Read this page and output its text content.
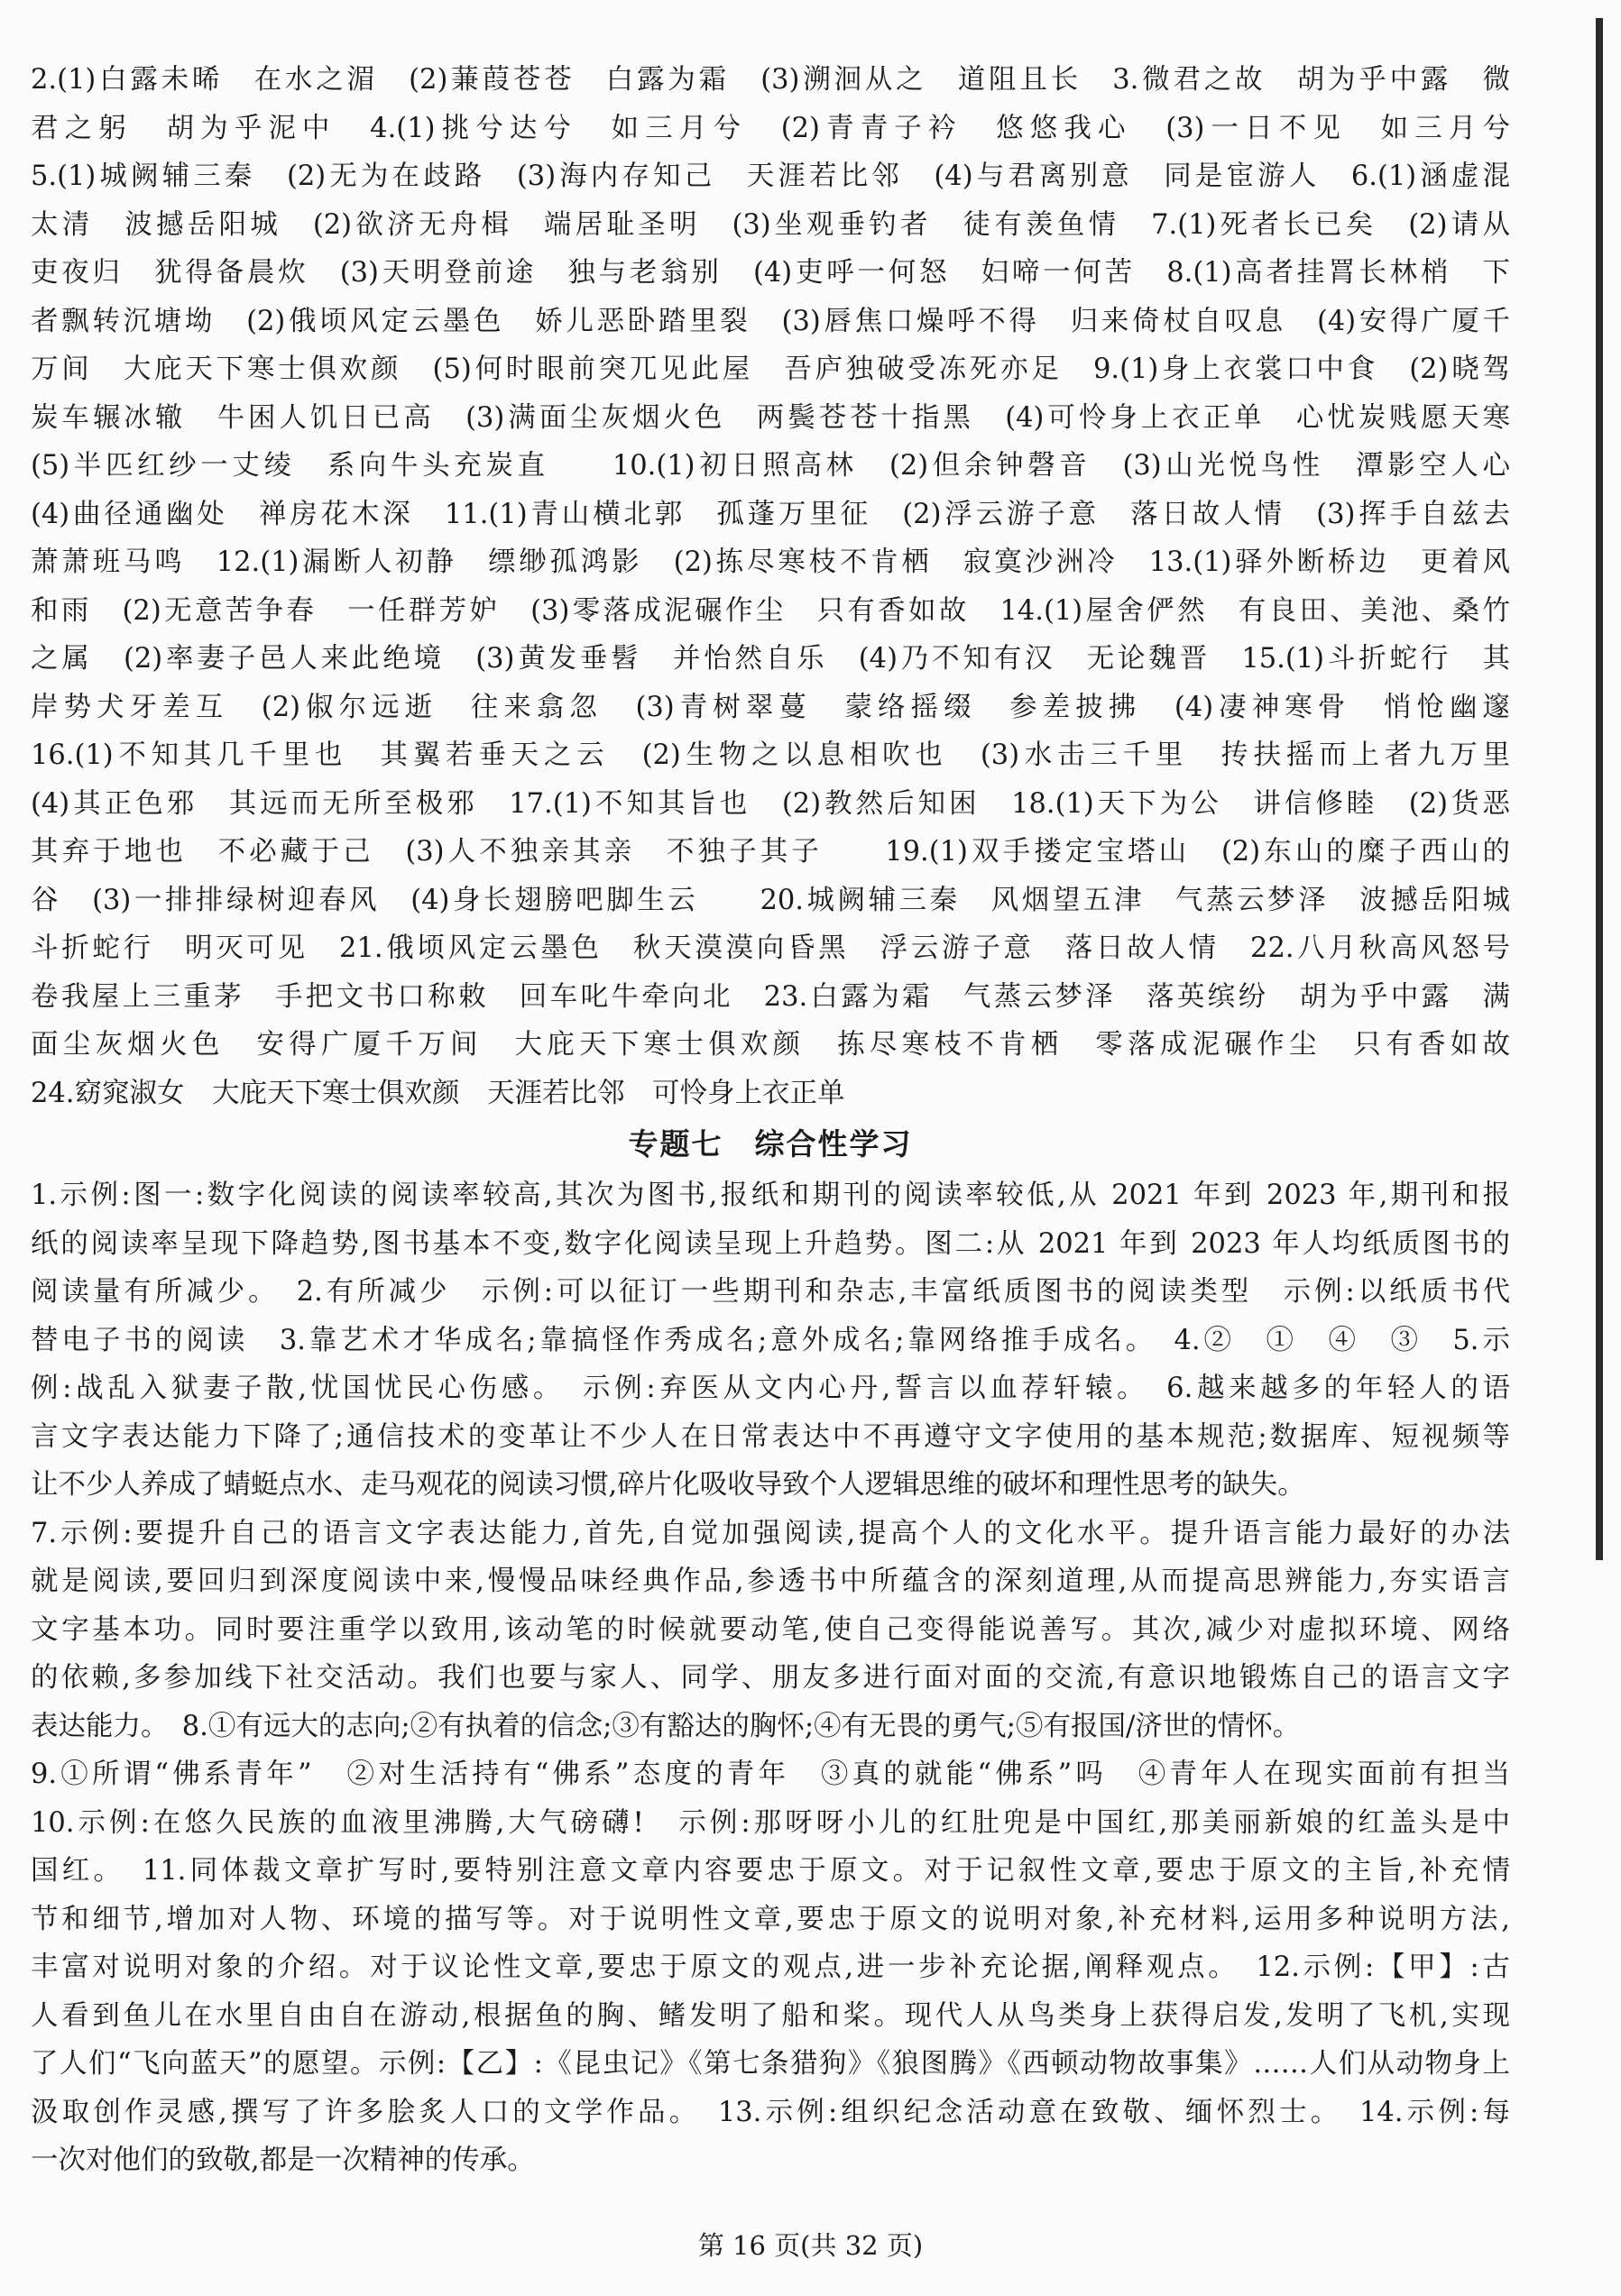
2.(1)白露未晞　在水之湄　(2)蒹葭苍苍　白露为霜　(3)溯洄从之　道阻且长　3.微君之故　胡为乎中露　微
君之躬　胡为乎泥中　4.(1)挑兮达兮　如三月兮　(2)青青子衿　悠悠我心　(3)一日不见　如三月兮
5.(1)城阙辅三秦　(2)无为在歧路　(3)海内存知己　天涯若比邻　(4)与君离别意　同是宦游人　6.(1)涵虚混
太清　波撼岳阳城　(2)欲济无舟楫　端居耻圣明　(3)坐观垂钓者　徒有羡鱼情　7.(1)死者长已矣　(2)请从
吏夜归　犹得备晨炊　(3)天明登前途　独与老翁别　(4)吏呼一何怒　妇啼一何苦　8.(1)高者挂罥长林梢　下
者飘转沉塘坳　(2)俄顷风定云墨色　娇儿恶卧踏里裂　(3)唇焦口燥呼不得　归来倚杖自叹息　(4)安得广厦千
万间　大庇天下寒士俱欢颜　(5)何时眼前突兀见此屋　吾庐独破受冻死亦足　9.(1)身上衣裳口中食　(2)晓驾
炭车辗冰辙　牛困人饥日已高　(3)满面尘灰烟火色　两鬓苍苍十指黑　(4)可怜身上衣正单　心忧炭贱愿天寒
(5)半匹红纱一丈绫　系向牛头充炭直　　10.(1)初日照高林　(2)但余钟磬音　(3)山光悦鸟性　潭影空人心
(4)曲径通幽处　禅房花木深　11.(1)青山横北郭　孤蓬万里征　(2)浮云游子意　落日故人情　(3)挥手自兹去
萧萧班马鸣　12.(1)漏断人初静　缥缈孤鸿影　(2)拣尽寒枝不肯栖　寂寞沙洲冷　13.(1)驿外断桥边　更着风
和雨　(2)无意苦争春　一任群芳妒　(3)零落成泥碾作尘　只有香如故　14.(1)屋舍俨然　有良田、美池、桑竹
之属　(2)率妻子邑人来此绝境　(3)黄发垂髫　并怡然自乐　(4)乃不知有汉　无论魏晋　15.(1)斗折蛇行　其
岸势犬牙差互　(2)俶尔远逝　往来翕忽　(3)青树翠蔓　蒙络摇缀　参差披拂　(4)凄神寒骨　悄怆幽邃
16.(1)不知其几千里也　其翼若垂天之云　(2)生物之以息相吹也　(3)水击三千里　抟扶摇而上者九万里
(4)其正色邪　其远而无所至极邪　17.(1)不知其旨也　(2)教然后知困　18.(1)天下为公　讲信修睦　(2)货恶
其弃于地也　不必藏于己　(3)人不独亲其亲　不独子其子　　19.(1)双手搂定宝塔山　(2)东山的糜子西山的
谷　(3)一排排绿树迎春风　(4)身长翅膀吧脚生云　　20.城阙辅三秦　风烟望五津　气蒸云梦泽　波撼岳阳城
斗折蛇行　明灭可见　21.俄顷风定云墨色　秋天漠漠向昏黑　浮云游子意　落日故人情　22.八月秋高风怒号
卷我屋上三重茅　手把文书口称敕　回车叱牛牵向北　23.白露为霜　气蒸云梦泽　落英缤纷　胡为乎中露　满
面尘灰烟火色　安得广厦千万间　大庇天下寒士俱欢颜　拣尽寒枝不肯栖　零落成泥碾作尘　只有香如故
24.窈窕淑女　大庇天下寒士俱欢颜　天涯若比邻　可怜身上衣正单
专题七　综合性学习
1.示例:图一:数字化阅读的阅读率较高,其次为图书,报纸和期刊的阅读率较低,从 2021 年到 2023 年,期刊和报
纸的阅读率呈现下降趋势,图书基本不变,数字化阅读呈现上升趋势。图二:从 2021 年到 2023 年人均纸质图书的
阅读量有所减少。　2.有所减少　示例:可以征订一些期刊和杂志,丰富纸质图书的阅读类型　示例:以纸质书代
替电子书的阅读　3.靠艺术才华成名;靠搞怪作秀成名;意外成名;靠网络推手成名。　4.②　①　④　③　5.示
例:战乱入狱妻子散,忧国忧民心伤感。　示例:弃医从文内心丹,誓言以血荐轩辕。　6.越来越多的年轻人的语
言文字表达能力下降了;通信技术的变革让不少人在日常表达中不再遵守文字使用的基本规范;数据库、短视频等
让不少人养成了蜻蜓点水、走马观花的阅读习惯,碎片化吸收导致个人逻辑思维的破坏和理性思考的缺失。
7.示例:要提升自己的语言文字表达能力,首先,自觉加强阅读,提高个人的文化水平。提升语言能力最好的办法
就是阅读,要回归到深度阅读中来,慢慢品味经典作品,参透书中所蕴含的深刻道理,从而提高思辨能力,夯实语言
文字基本功。同时要注重学以致用,该动笔的时候就要动笔,使自己变得能说善写。其次,减少对虚拟环境、网络
的依赖,多参加线下社交活动。我们也要与家人、同学、朋友多进行面对面的交流,有意识地锻炼自己的语言文字
表达能力。　8.①有远大的志向;②有执着的信念;③有豁达的胸怀;④有无畏的勇气;⑤有报国/济世的情怀。
9.①所谓“佛系青年”　②对生活持有“佛系”态度的青年　③真的就能“佛系”吗　④青年人在现实面前有担当
10.示例:在悠久民族的血液里沸腾,大气磅礴!　示例:那呀呀小儿的红肚兜是中国红,那美丽新娘的红盖头是中
国红。　11.同体裁文章扩写时,要特别注意文章内容要忠于原文。对于记叙性文章,要忠于原文的主旨,补充情
节和细节,增加对人物、环境的描写等。对于说明性文章,要忠于原文的说明对象,补充材料,运用多种说明方法,
丰富对说明对象的介绍。对于议论性文章,要忠于原文的观点,进一步补充论据,阐释观点。　12.示例:【甲】:古
人看到鱼儿在水里自由自在游动,根据鱼的胸、鳍发明了船和桨。现代人从鸟类身上获得启发,发明了飞机,实现
了人们“飞向蓝天”的愿望。示例:【乙】:《昆虫记》《第七条猎狗》《狼图腾》《西顿动物故事集》……人们从动物身上
汲取创作灵感,撰写了许多脍炙人口的文学作品。　13.示例:组织纪念活动意在致敬、缅怀烈士。　14.示例:每
一次对他们的致敬,都是一次精神的传承。
第 16 页(共 32 页)
